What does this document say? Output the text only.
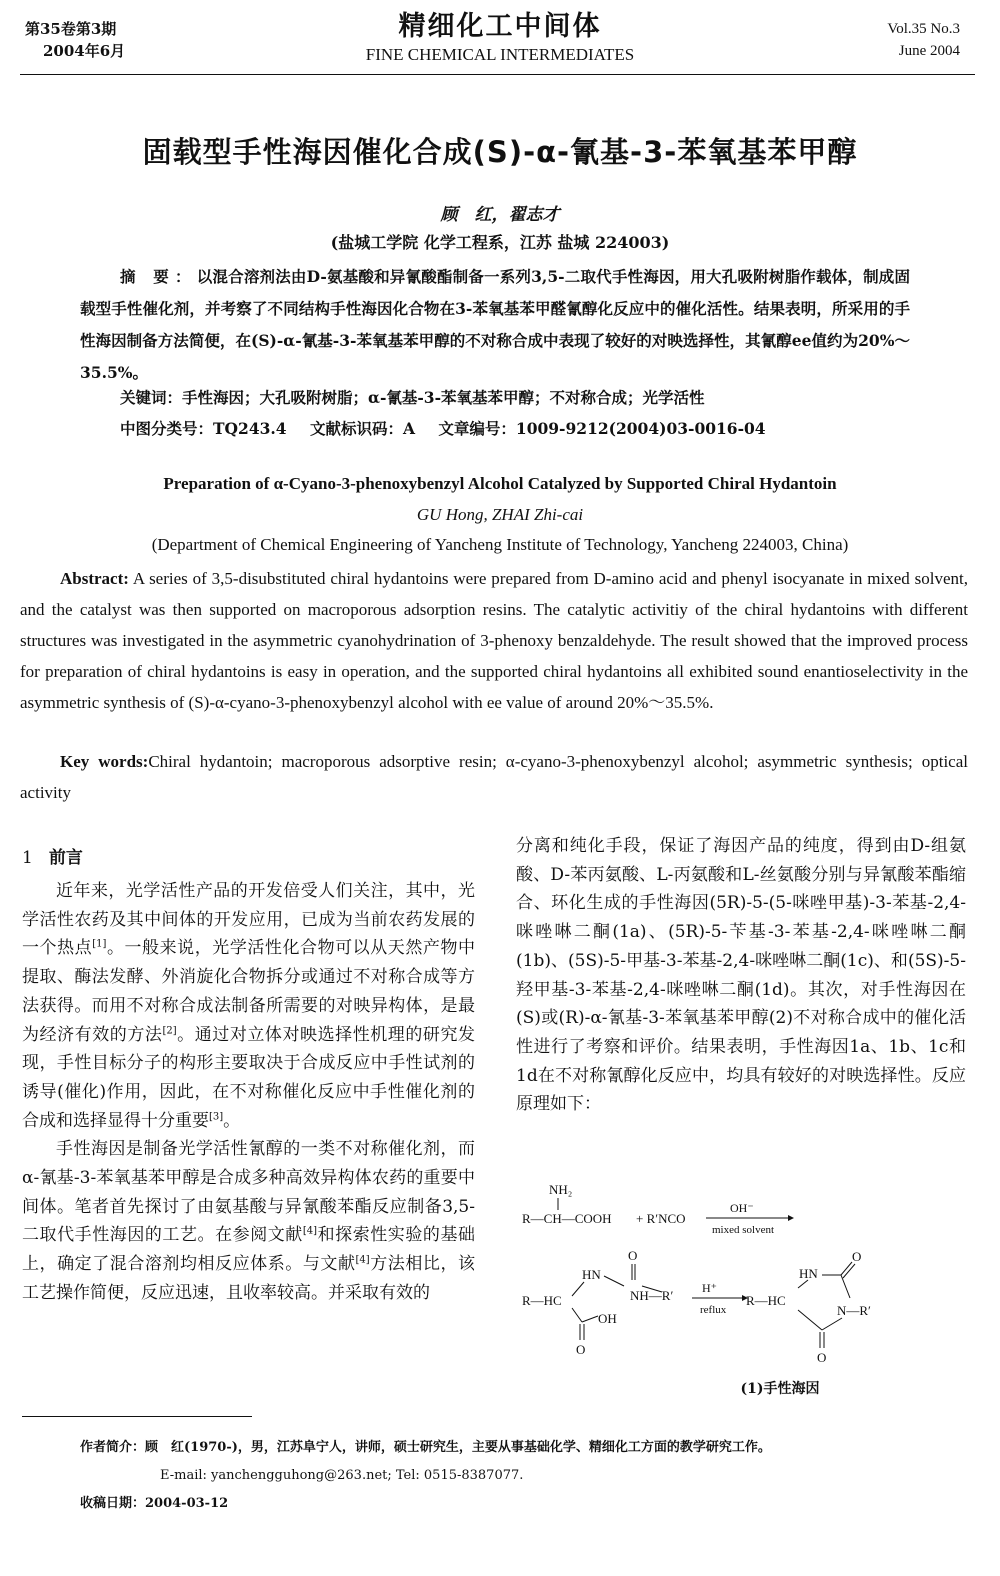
第35卷第3期
2004年6月
精细化工中间体
FINE CHEMICAL INTERMEDIATES
Vol.35 No.3
June 2004
固载型手性海因催化合成(S)-α-氰基-3-苯氧基苯甲醇
顾　红，翟志才
(盐城工学院 化学工程系，江苏 盐城 224003)
摘 要：以混合溶剂法由D-氨基酸和异氰酸酯制备一系列3,5-二取代手性海因，用大孔吸附树脂作载体，制成固载型手性催化剂，并考察了不同结构手性海因化合物在3-苯氧基苯甲醛氰醇化反应中的催化活性。结果表明，所采用的手性海因制备方法简便，在(S)-α-氰基-3-苯氧基苯甲醇的不对称合成中表现了较好的对映选择性，其氰醇ee值约为20%～35.5%。
关键词：手性海因；大孔吸附树脂；α-氰基-3-苯氧基苯甲醇；不对称合成；光学活性
中图分类号：TQ243.4 文献标识码：A 文章编号：1009-9212(2004)03-0016-04
Preparation of α-Cyano-3-phenoxybenzyl Alcohol Catalyzed by Supported Chiral Hydantoin
GU Hong, ZHAI Zhi-cai
(Department of Chemical Engineering of Yancheng Institute of Technology, Yancheng 224003, China)
Abstract: A series of 3,5-disubstituted chiral hydantoins were prepared from D-amino acid and phenyl isocyanate in mixed solvent, and the catalyst was then supported on macroporous adsorption resins. The catalytic activitiy of the chiral hydantoins with different structures was investigated in the asymmetric cyanohydrination of 3-phenoxy benzaldehyde. The result showed that the improved process for preparation of chiral hydantoins is easy in operation, and the supported chiral hydantoins all exhibited sound enantioselectivity in the asymmetric synthesis of (S)-α-cyano-3-phenoxybenzyl alcohol with ee value of around 20%～35.5%.
Key words:Chiral hydantoin; macroporous adsorptive resin; α-cyano-3-phenoxybenzyl alcohol; asymmetric synthesis; optical activity
1 前言

近年来，光学活性产品的开发倍受人们关注，其中，光学活性农药及其中间体的开发应用，已成为当前农药发展的一个热点[1]。一般来说，光学活性化合物可以从天然产物中提取、酶法发酵、外消旋化合物拆分或通过不对称合成等方法获得。而用不对称合成法制备所需要的对映异构体，是最为经济有效的方法[2]。通过对立体对映选择性机理的研究发现，手性目标分子的构形主要取决于合成反应中手性试剂的诱导(催化)作用，因此，在不对称催化反应中手性催化剂的合成和选择显得十分重要[3]。

手性海因是制备光学活性氰醇的一类不对称催化剂，而α-氰基-3-苯氧基苯甲醇是合成多种高效异构体农药的重要中间体。笔者首先探讨了由氨基酸与异氰酸苯酯反应制备3,5-二取代手性海因的工艺。在参阅文献[4]和探索性实验的基础上，确定了混合溶剂均相反应体系。与文献[4]方法相比，该工艺操作简便，反应迅速，且收率较高。并采取有效的

分离和纯化手段，保证了海因产品的纯度，得到由D-组氨酸、D-苯丙氨酸、L-丙氨酸和L-丝氨酸分别与异氰酸苯酯缩合、环化生成的手性海因(5R)-5-(5-咪唑甲基)-3-苯基-2,4-咪唑啉二酮(1a)、(5R)-5-苄基-3-苯基-2,4-咪唑啉二酮(1b)、(5S)-5-甲基-3-苯基-2,4-咪唑啉二酮(1c)、和(5S)-5-羟甲基-3-苯基-2,4-咪唑啉二酮(1d)。其次，对手性海因在(S)或(R)-α-氰基-3-苯氧基苯甲醇(2)不对称合成中的催化活性进行了考察和评价。结果表明，手性海因1a、1b、1c和1d在不对称氰醇化反应中，均具有较好的对映选择性。反应原理如下：

NH₂
R—CH—COOH + R′NCO
OH⁻
mixed solvent
O
HN
NH—R′
R—HC
OH
O
H⁺
reflux
R—HC
HN
O
N—R′
O
(1)手性海因
作者简介：顾　红(1970-)，男，江苏阜宁人，讲师，硕士研究生，主要从事基础化学、精细化工方面的教学研究工作。
E-mail: yanchengguhong@263.net; Tel: 0515-8387077.
收稿日期：2004-03-12
